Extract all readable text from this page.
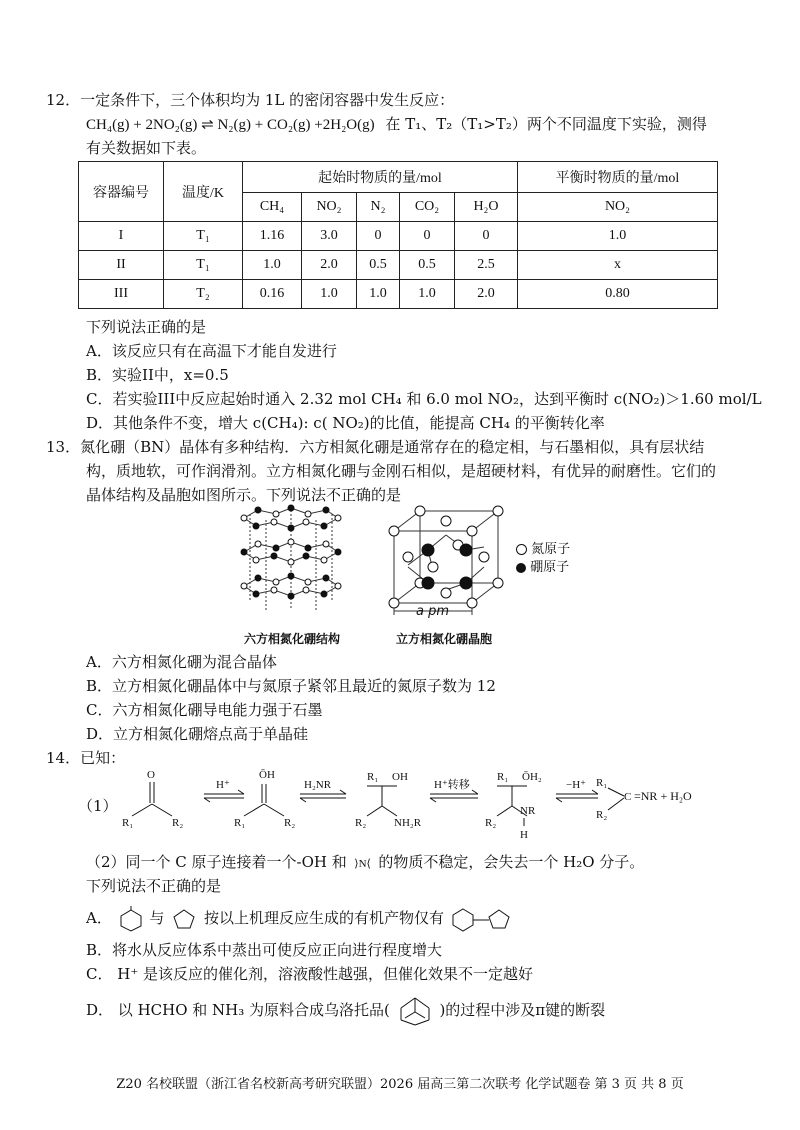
12．一定条件下，三个体积均为 1L 的密闭容器中发生反应：
CH₄(g) + 2NO₂(g) ⇌ N₂(g) + CO₂(g) +2H₂O(g) 在 T₁、T₂（T₁>T₂）两个不同温度下实验，测得
有关数据如下表。
容器编号	温度/K	起始时物质的量/mol					平衡时物质的量/mol
		CH₄	NO₂	N₂	CO₂	H₂O	NO₂
I	T₁	1.16	3.0	0	0	0	1.0
II	T₁	1.0	2.0	0.5	0.5	2.5	x
III	T₂	0.16	1.0	1.0	1.0	2.0	0.80
下列说法正确的是
A．该反应只有在高温下才能自发进行
B．实验II中，x=0.5
C．若实验III中反应起始时通入 2.32 mol CH₄ 和 6.0 mol NO₂，达到平衡时 c(NO₂)＞1.60 mol/L
D．其他条件不变，增大 c(CH₄): c( NO₂)的比值，能提高 CH₄ 的平衡转化率
13．氮化硼（BN）晶体有多种结构．六方相氮化硼是通常存在的稳定相，与石墨相似，具有层状结
构，质地软，可作润滑剂。立方相氮化硼与金刚石相似，是超硬材料，有优异的耐磨性。它们的
晶体结构及晶胞如图所示。下列说法不正确的是
六方相氮化硼结构
a pm
立方相氮化硼晶胞
氮原子
硼原子
A．六方相氮化硼为混合晶体
B．立方相氮化硼晶体中与氮原子紧邻且最近的氮原子数为 12
C．六方相氮化硼导电能力强于石墨
D．立方相氮化硼熔点高于单晶硅
14．已知：
（1）
O
R₁	R₂
ŌH
R₁	R₂
R₁ OH
R₂	NH₂R
R₁ ŌH₂
R₂
NR
H
R₁
R₂
C
H⁺	H₂NR	H⁺转移	−H⁺
=NR + H₂O
（2）同一个 C 原子连接着一个-OH 和 ⟩N⟨ 的物质不稳定，会失去一个 H₂O 分子。
下列说法不正确的是
A．	与	按以上机理反应生成的有机产物仅有
B．将水从反应体系中蒸出可使反应正向进行程度增大
C． H⁺ 是该反应的催化剂，溶液酸性越强，但催化效果不一定越好
D． 以 HCHO 和 NH₃ 为原料合成乌洛托品(	)的过程中涉及π键的断裂
Z20 名校联盟（浙江省名校新高考研究联盟）2026 届高三第二次联考 化学试题卷 第 3 页 共 8 页
